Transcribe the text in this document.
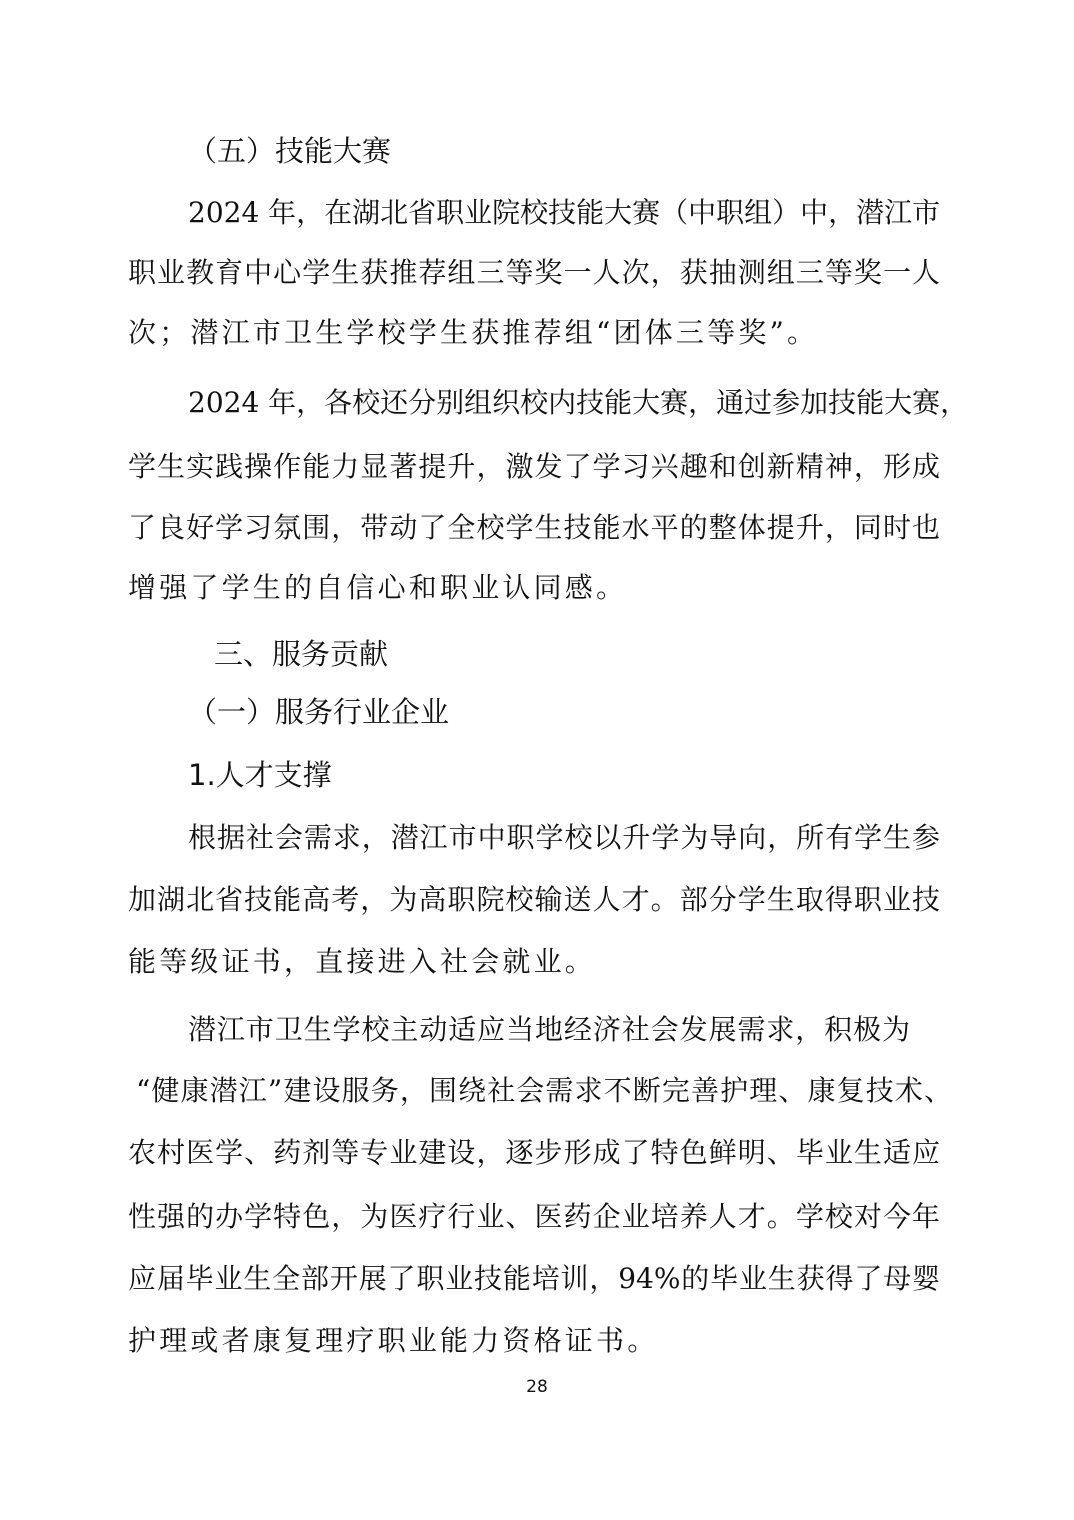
（五）技能大赛

2024 年，在湖北省职业院校技能大赛（中职组）中，潜江市

职业教育中心学生获推荐组三等奖一人次，获抽测组三等奖一人

次；潜江市卫生学校学生获推荐组“团体三等奖”。

2024 年，各校还分别组织校内技能大赛，通过参加技能大赛，

学生实践操作能力显著提升，激发了学习兴趣和创新精神，形成

了良好学习氛围，带动了全校学生技能水平的整体提升，同时也

增强了学生的自信心和职业认同感。

三、服务贡献
（一）服务行业企业
1.人才支撑

根据社会需求，潜江市中职学校以升学为导向，所有学生参

加湖北省技能高考，为高职院校输送人才。部分学生取得职业技

能等级证书，直接进入社会就业。

潜江市卫生学校主动适应当地经济社会发展需求，积极为

“健康潜江”建设服务，围绕社会需求不断完善护理、康复技术、

农村医学、药剂等专业建设，逐步形成了特色鲜明、毕业生适应

性强的办学特色，为医疗行业、医药企业培养人才。学校对今年

应届毕业生全部开展了职业技能培训，94%的毕业生获得了母婴

护理或者康复理疗职业能力资格证书。

28
